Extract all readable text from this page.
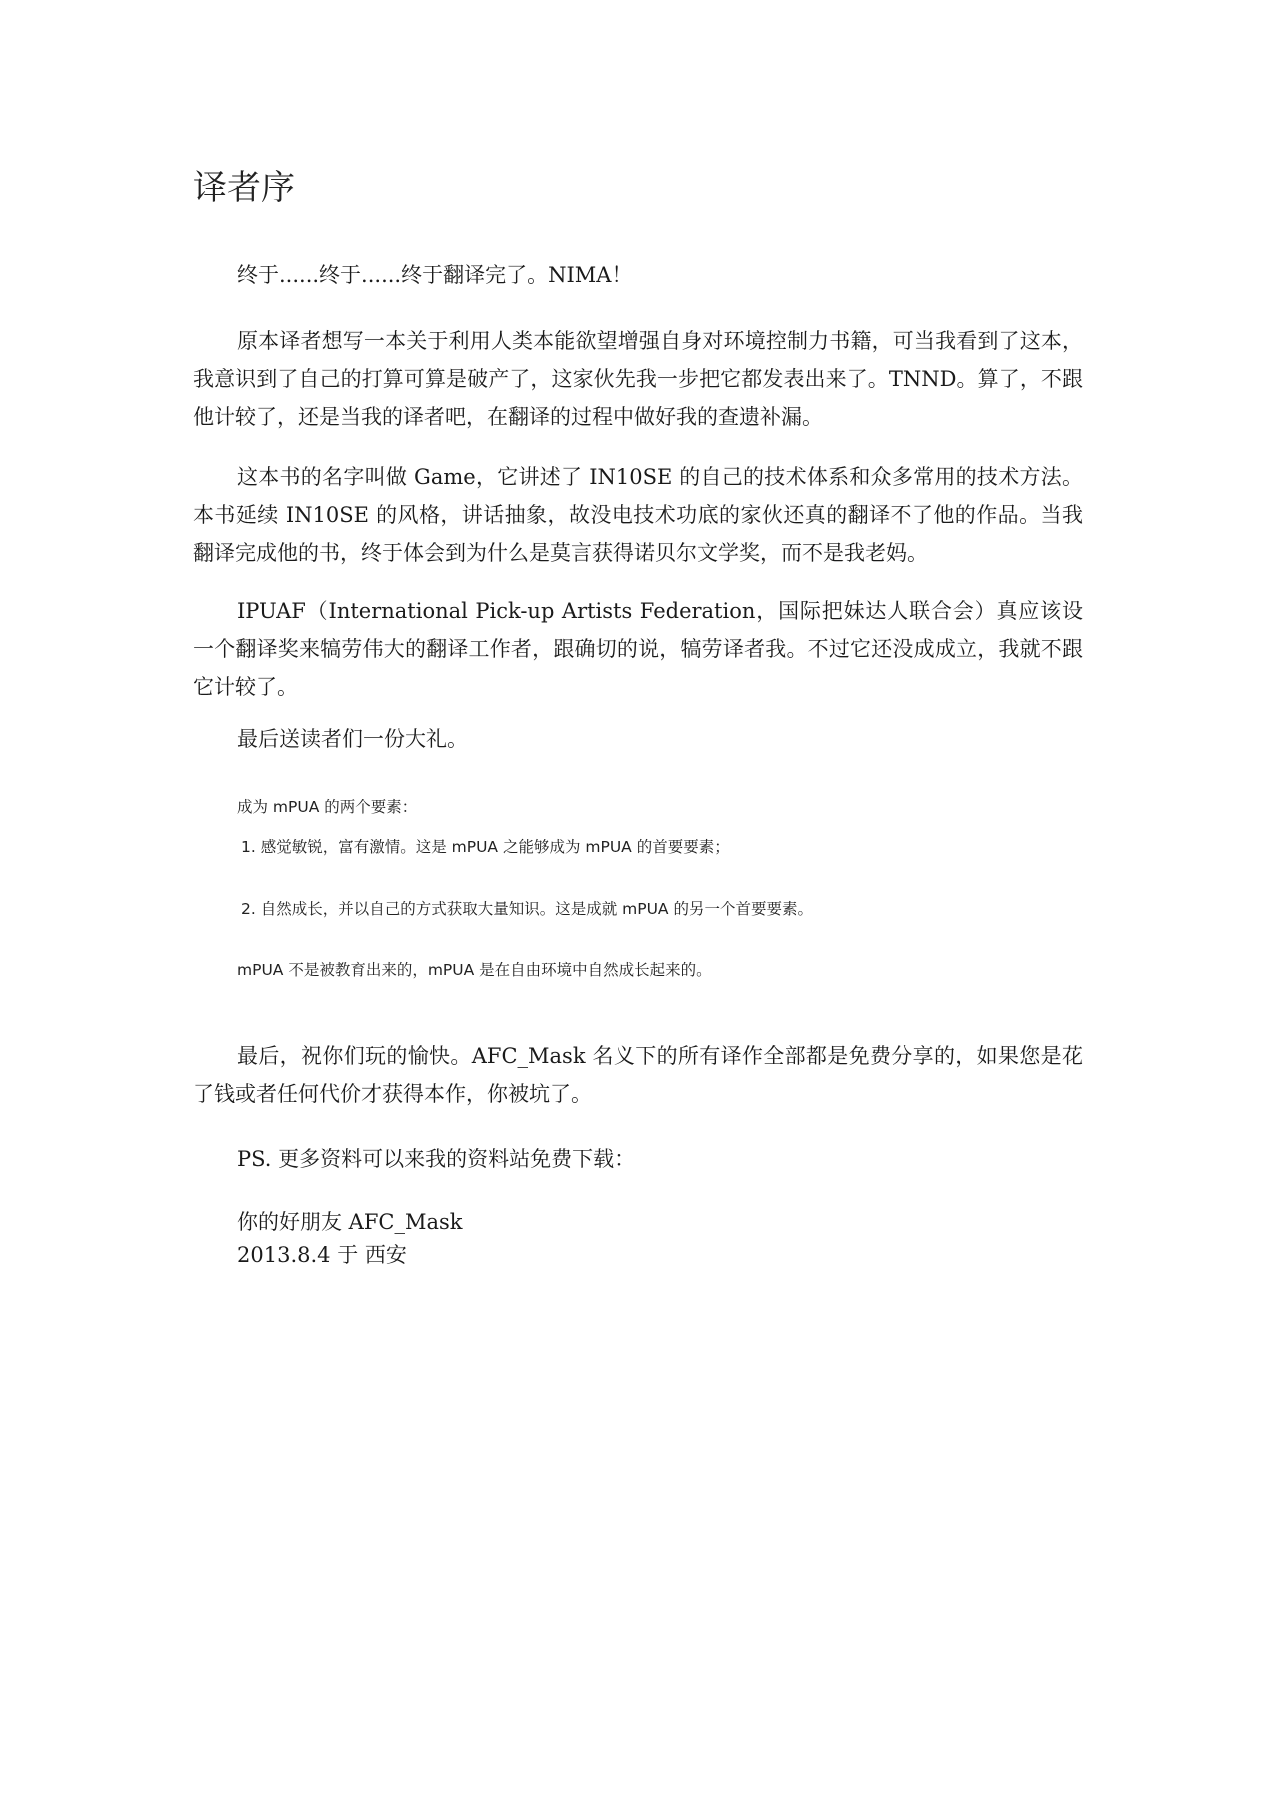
译者序

终于......终于......终于翻译完了。NIMA！

原本译者想写一本关于利用人类本能欲望增强自身对环境控制力书籍，可当我看到了这本，我意识到了自己的打算可算是破产了，这家伙先我一步把它都发表出来了。TNND。算了，不跟他计较了，还是当我的译者吧，在翻译的过程中做好我的查遗补漏。

这本书的名字叫做 Game，它讲述了 IN10SE 的自己的技术体系和众多常用的技术方法。本书延续 IN10SE 的风格，讲话抽象，故没电技术功底的家伙还真的翻译不了他的作品。当我翻译完成他的书，终于体会到为什么是莫言获得诺贝尔文学奖，而不是我老妈。

IPUAF（International Pick-up Artists Federation，国际把妹达人联合会）真应该设一个翻译奖来犒劳伟大的翻译工作者，跟确切的说，犒劳译者我。不过它还没成成立，我就不跟它计较了。

最后送读者们一份大礼。

成为 mPUA 的两个要素：
1. 感觉敏锐，富有激情。这是 mPUA 之能够成为 mPUA 的首要要素；
2. 自然成长，并以自己的方式获取大量知识。这是成就 mPUA 的另一个首要要素。
mPUA 不是被教育出来的，mPUA 是在自由环境中自然成长起来的。

最后，祝你们玩的愉快。AFC_Mask 名义下的所有译作全部都是免费分享的，如果您是花了钱或者任何代价才获得本作，你被坑了。

PS. 更多资料可以来我的资料站免费下载：

你的好朋友 AFC_Mask
2013.8.4 于 西安
